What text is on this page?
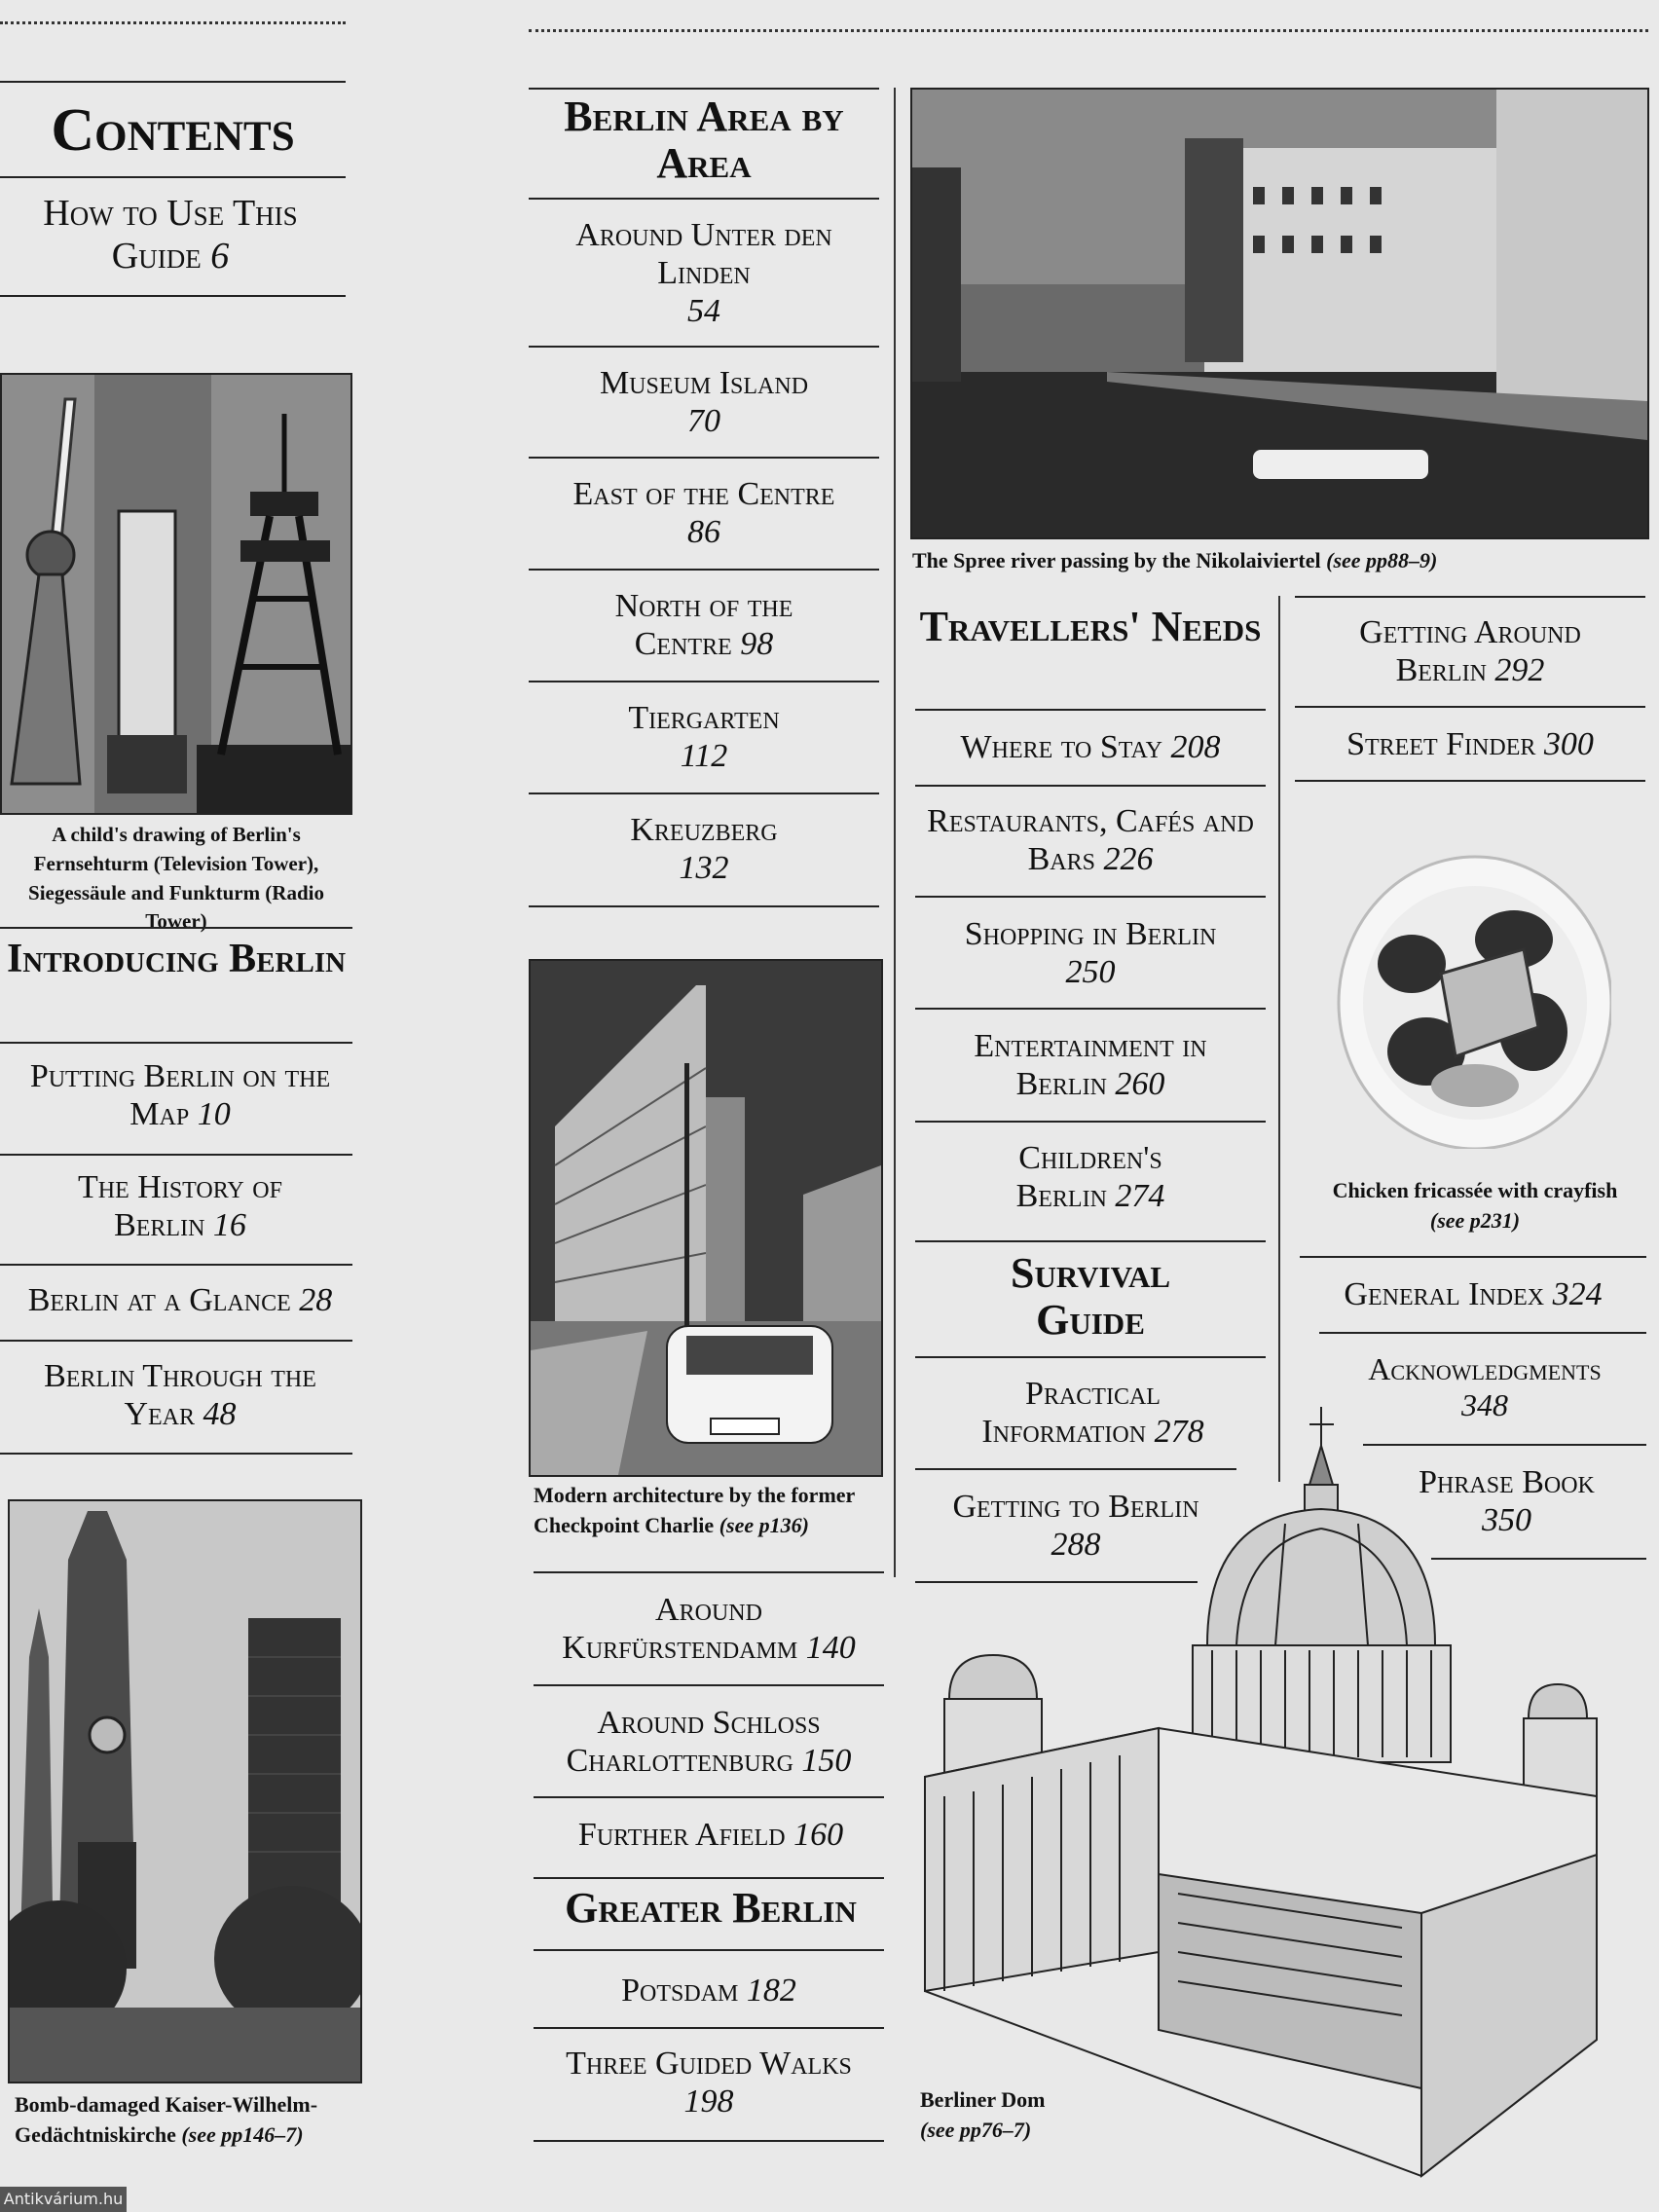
Contents
How to Use This Guide 6
A child's drawing of Berlin's Fernsehturm (Television Tower), Siegessäule and Funkturm (Radio Tower)
Introducing Berlin
Putting Berlin on the Map 10
The History of Berlin 16
Berlin at a Glance 28
Berlin Through the Year 48
Bomb-damaged Kaiser-Wilhelm-
Gedächtniskirche (see pp146–7)
Berlin Area by Area
Around Unter den Linden
54
Museum Island
70
East of the Centre
86
North of the Centre 98
Tiergarten
112
Kreuzberg
132
Modern architecture by the former Checkpoint Charlie (see p136)
Around Kurfürstendamm 140
Around Schloss Charlottenburg 150
Further Afield 160
Greater Berlin
Potsdam 182
Three Guided Walks
198
The Spree river passing by the Nikolaiviertel (see pp88–9)
Travellers' Needs
Where to Stay 208
Restaurants, Cafés and Bars 226
Shopping in Berlin
250
Entertainment in Berlin 260
Children's Berlin 274
Survival Guide
Practical Information 278
Getting to Berlin
288
Getting Around Berlin 292
Street Finder 300
Chicken fricassée with crayfish
(see p231)
General Index 324
Acknowledgments
348
Phrase Book
350
Berliner Dom
(see pp76–7)
Antikvárium.hu
